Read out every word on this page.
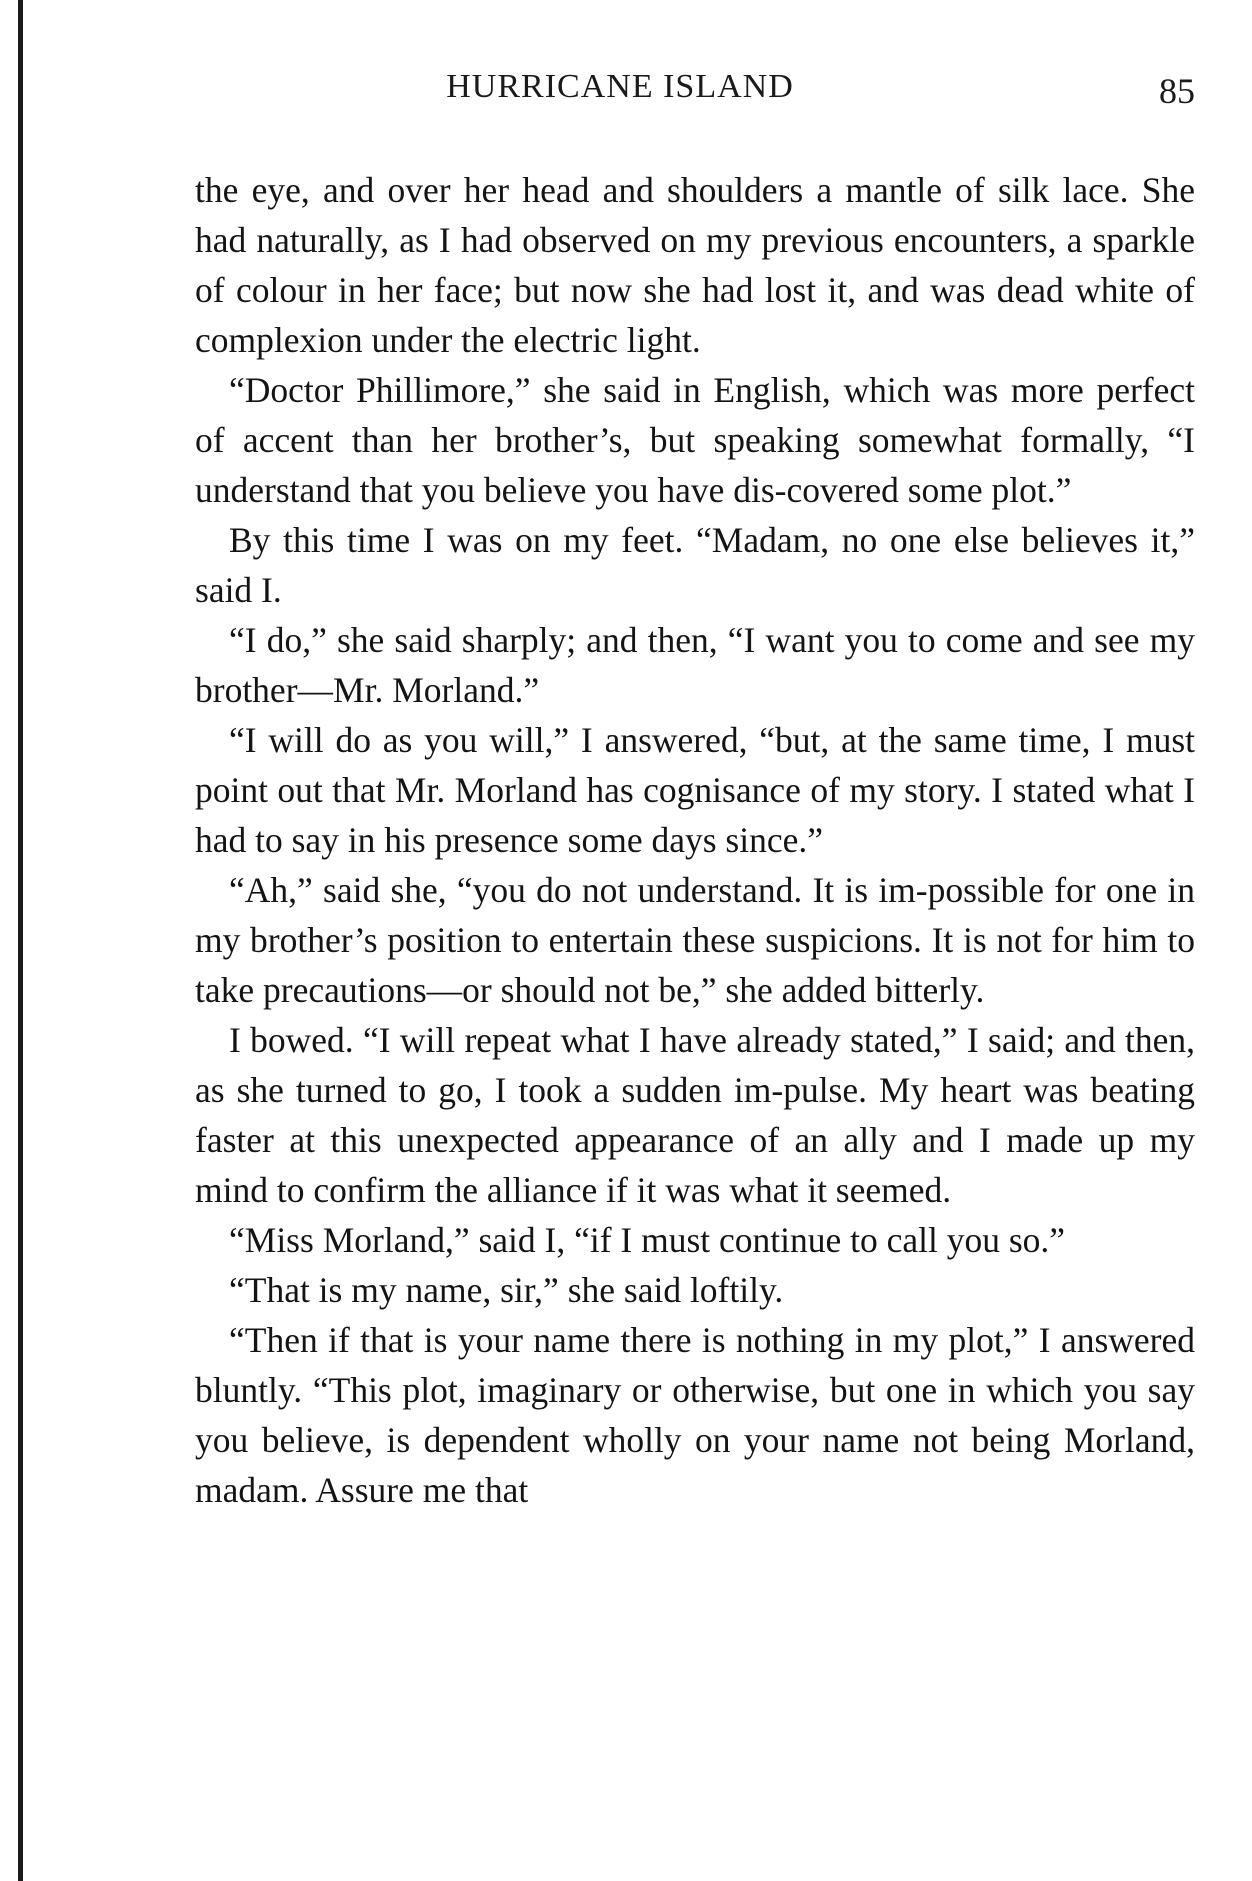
HURRICANE ISLAND	85

the eye, and over her head and shoulders a mantle of silk lace. She had naturally, as I had observed on my previous encounters, a sparkle of colour in her face; but now she had lost it, and was dead white of complexion under the electric light.

“Doctor Phillimore,” she said in English, which was more perfect of accent than her brother’s, but speaking somewhat formally, “I understand that you believe you have dis-covered some plot.”

By this time I was on my feet. “Madam, no one else believes it,” said I.

“I do,” she said sharply; and then, “I want you to come and see my brother—Mr. Morland.”

“I will do as you will,” I answered, “but, at the same time, I must point out that Mr. Morland has cognisance of my story. I stated what I had to say in his presence some days since.”

“Ah,” said she, “you do not understand. It is im-possible for one in my brother’s position to entertain these suspicions. It is not for him to take precautions—or should not be,” she added bitterly.

I bowed. “I will repeat what I have already stated,” I said; and then, as she turned to go, I took a sudden im-pulse. My heart was beating faster at this unexpected appearance of an ally and I made up my mind to confirm the alliance if it was what it seemed.

“Miss Morland,” said I, “if I must continue to call you so.”

“That is my name, sir,” she said loftily.

“Then if that is your name there is nothing in my plot,” I answered bluntly. “This plot, imaginary or otherwise, but one in which you say you believe, is dependent wholly on your name not being Morland, madam. Assure me that
